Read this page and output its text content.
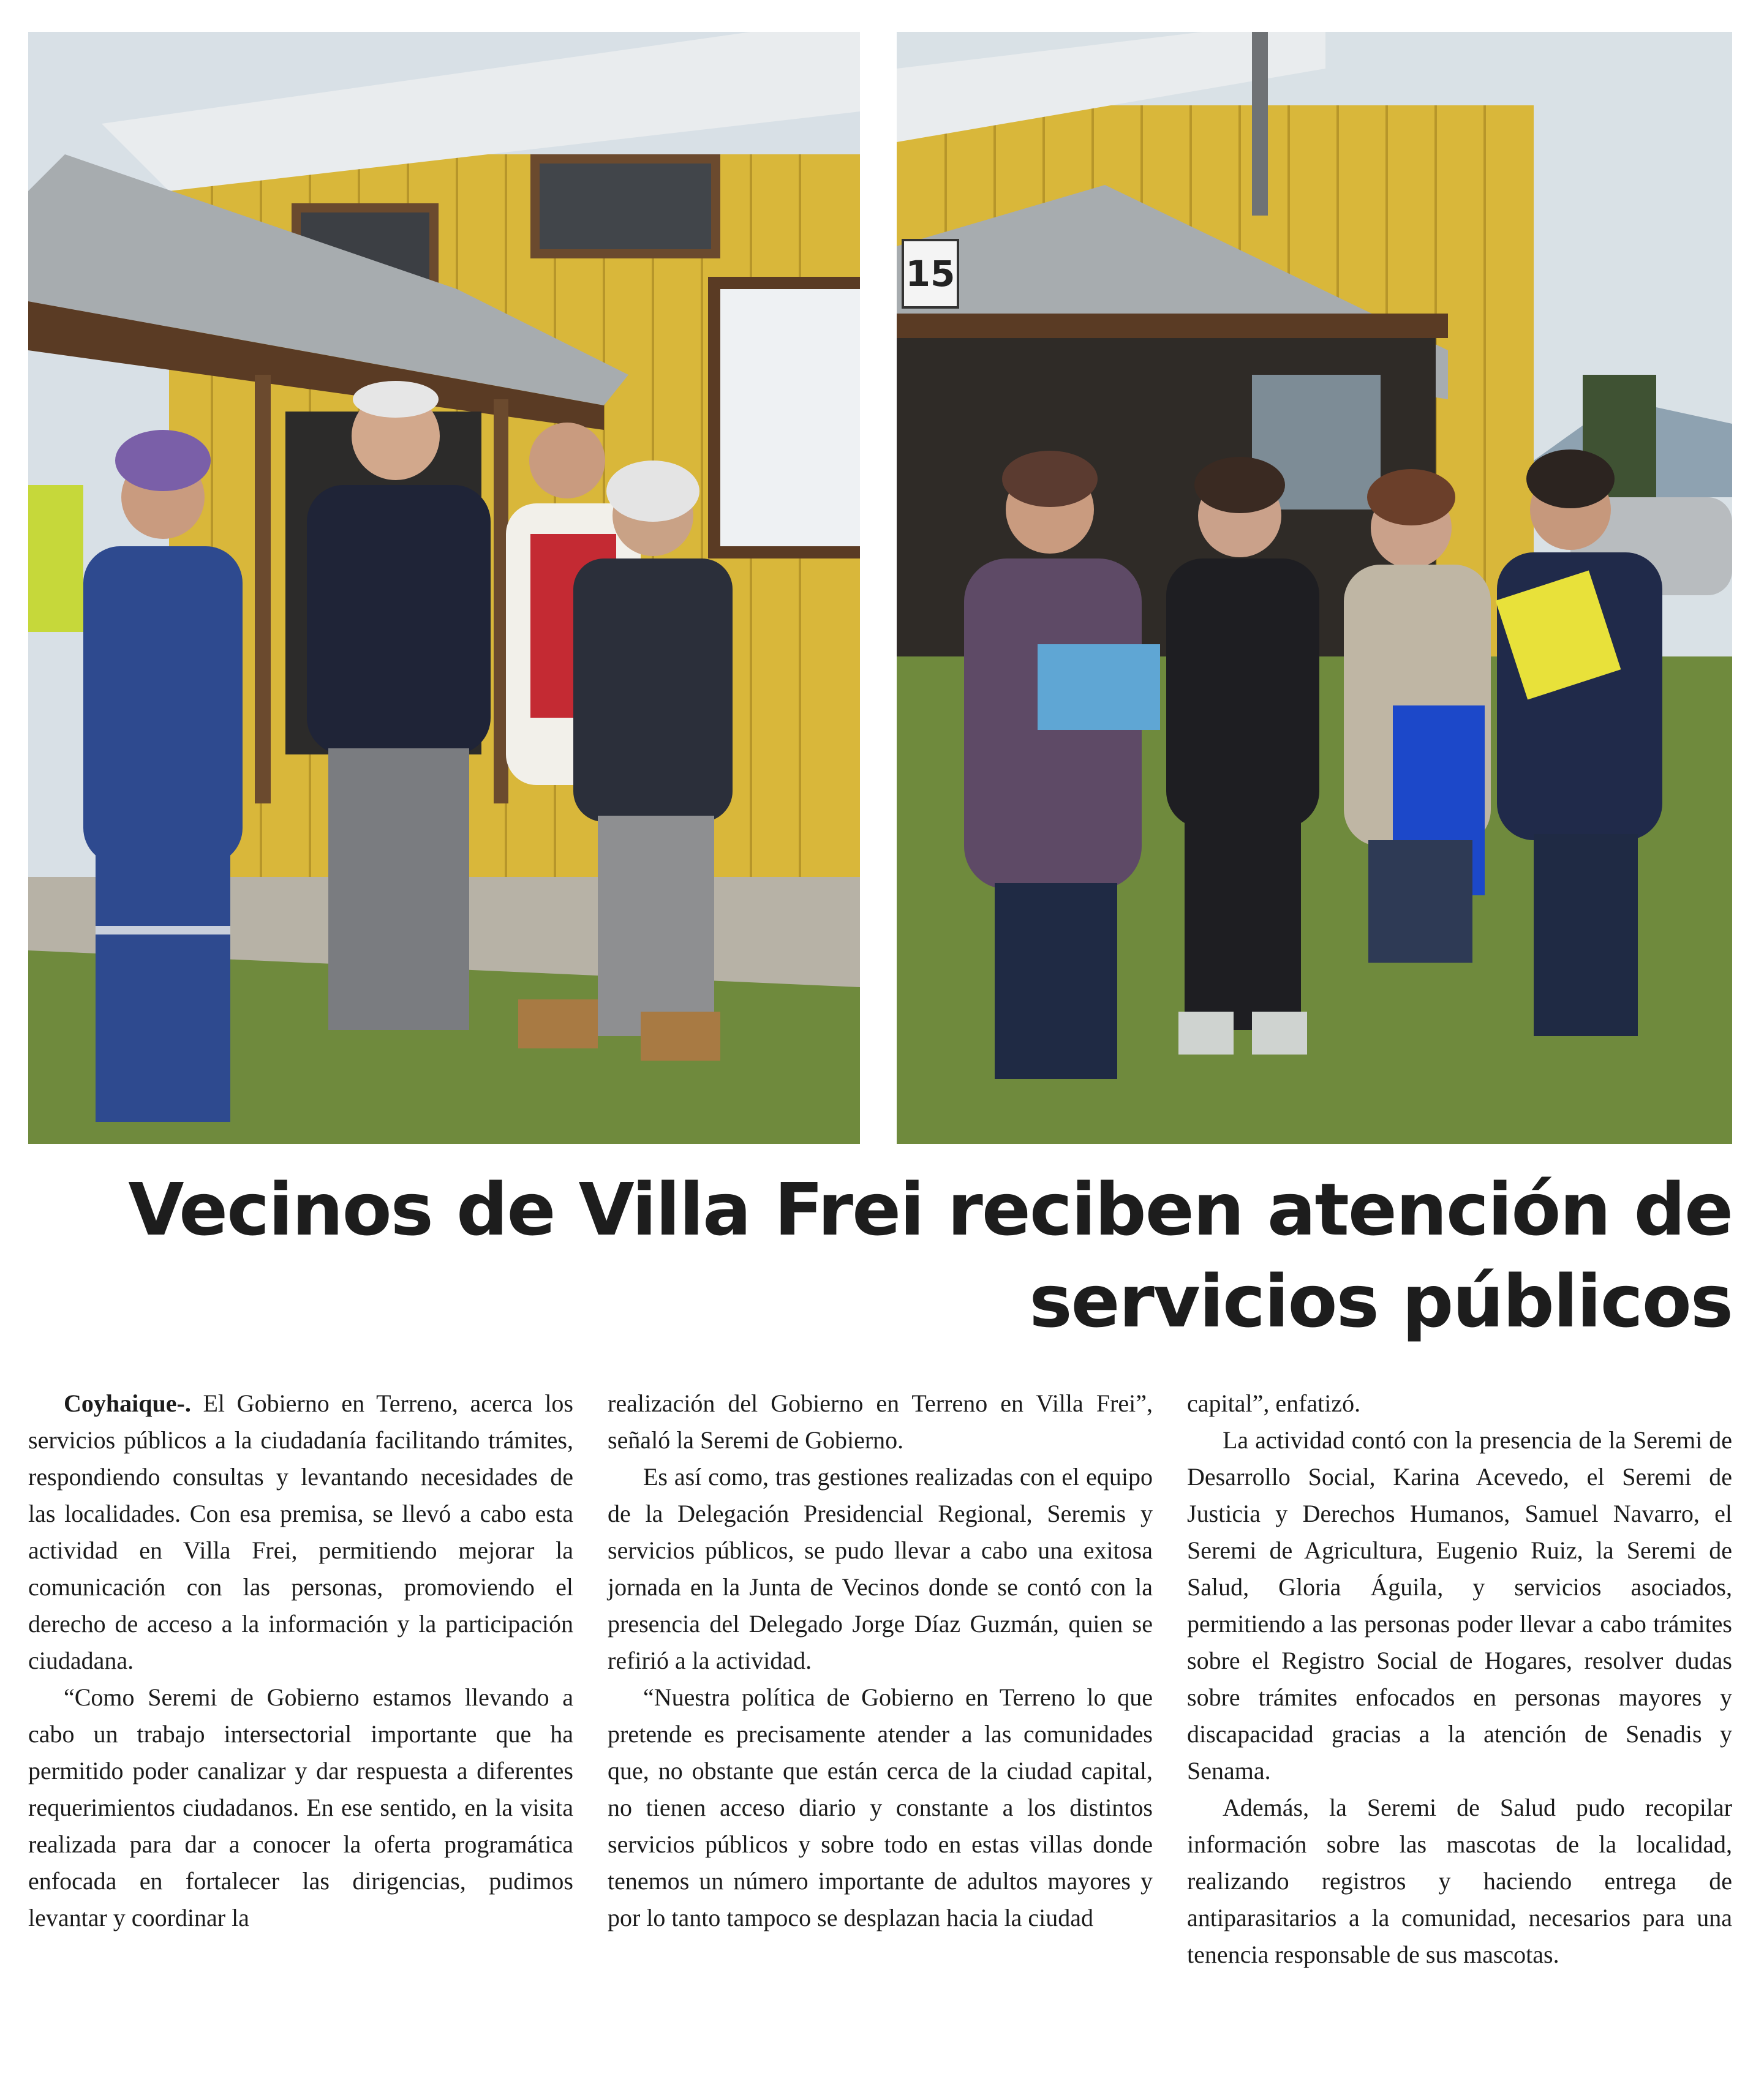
15
Vecinos de Villa Frei reciben atención de
servicios públicos

Coyhaique-. El Gobierno en Terreno, acerca los servicios públicos a la ciudadanía facilitando trámites, respondiendo consultas y levantando necesidades de las localidades. Con esa premisa, se llevó a cabo esta actividad en Villa Frei, permitiendo mejorar la comunicación con las personas, promoviendo el derecho de acceso a la información y la participación ciudadana.

“Como Seremi de Gobierno estamos llevando a cabo un trabajo intersectorial importante que ha permitido poder canalizar y dar respuesta a diferentes requerimientos ciudadanos. En ese sentido, en la visita realizada para dar a conocer la oferta programática enfocada en fortalecer las dirigencias, pudimos levantar y coordinar la

realización del Gobierno en Terreno en Villa Frei”, señaló la Seremi de Gobierno.

Es así como, tras gestiones realizadas con el equipo de la Delegación Presidencial Regional, Seremis y servicios públicos, se pudo llevar a cabo una exitosa jornada en la Junta de Vecinos donde se contó con la presencia del Delegado Jorge Díaz Guzmán, quien se refirió a la actividad.

“Nuestra política de Gobierno en Terreno lo que pretende es precisamente atender a las comunidades que, no obstante que están cerca de la ciudad capital, no tienen acceso diario y constante a los distintos servicios públicos y sobre todo en estas villas donde tenemos un número importante de adultos mayores y por lo tanto tampoco se desplazan hacia la ciudad

capital”, enfatizó.

La actividad contó con la presencia de la Seremi de Desarrollo Social, Karina Acevedo, el Seremi de Justicia y Derechos Humanos, Samuel Navarro, el Seremi de Agricultura, Eugenio Ruiz, la Seremi de Salud, Gloria Águila, y servicios asociados, permitiendo a las personas poder llevar a cabo trámites sobre el Registro Social de Hogares, resolver dudas sobre trámites enfocados en personas mayores y discapacidad gracias a la atención de Senadis y Senama.

Además, la Seremi de Salud pudo recopilar información sobre las mascotas de la localidad, realizando registros y haciendo entrega de antiparasitarios a la comunidad, necesarios para una tenencia responsable de sus mascotas.
